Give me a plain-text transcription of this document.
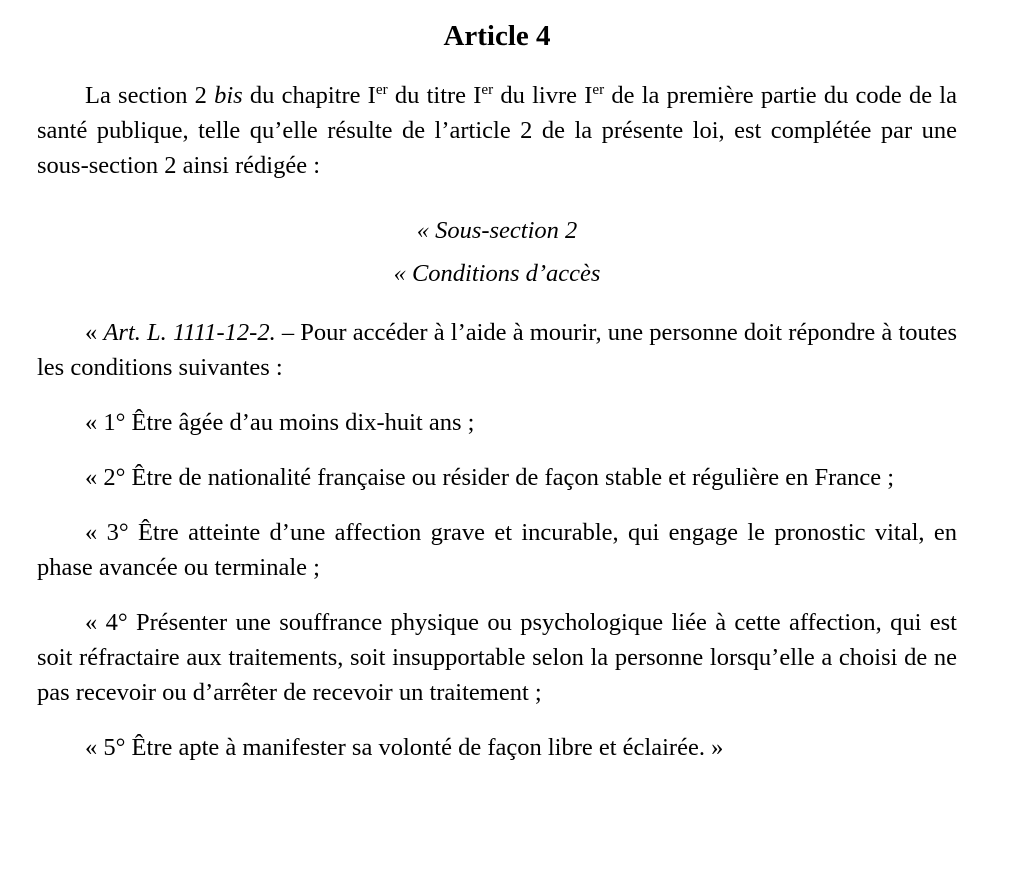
Article 4

La section 2 bis du chapitre Ier du titre Ier du livre Ier de la première partie du code de la santé publique, telle qu’elle résulte de l’article 2 de la présente loi, est complétée par une sous-section 2 ainsi rédigée :

« Sous-section 2

« Conditions d’accès

« Art. L. 1111-12-2. – Pour accéder à l’aide à mourir, une personne doit répondre à toutes les conditions suivantes :

« 1° Être âgée d’au moins dix-huit ans ;

« 2° Être de nationalité française ou résider de façon stable et régulière en France ;

« 3° Être atteinte d’une affection grave et incurable, qui engage le pronostic vital, en phase avancée ou terminale ;

« 4° Présenter une souffrance physique ou psychologique liée à cette affection, qui est soit réfractaire aux traitements, soit insupportable selon la personne lorsqu’elle a choisi de ne pas recevoir ou d’arrêter de recevoir un traitement ;

« 5° Être apte à manifester sa volonté de façon libre et éclairée. »
